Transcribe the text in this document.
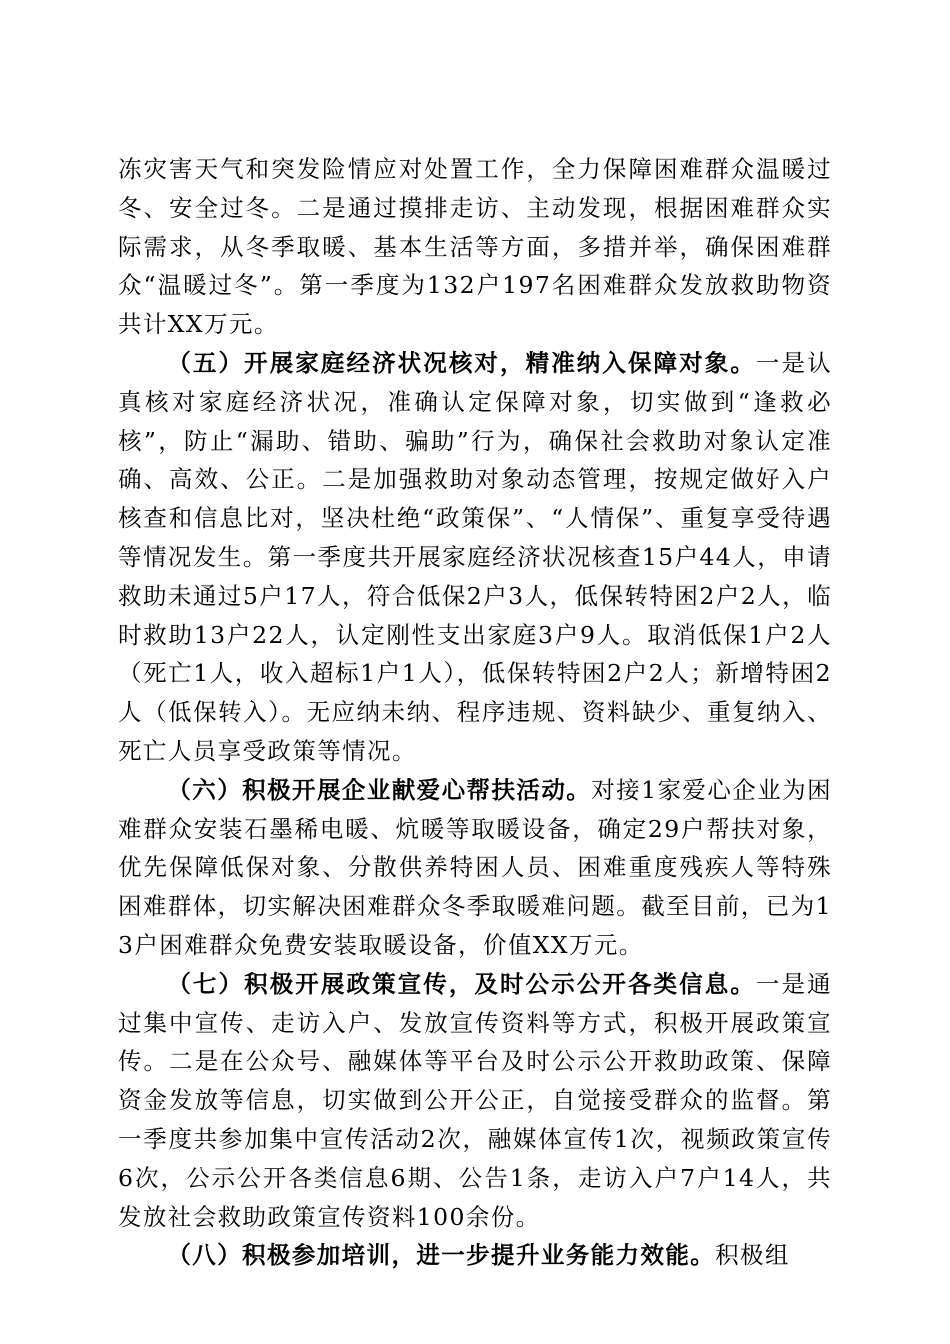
冻灾害天气和突发险情应对处置工作，全力保障困难群众温暖过冬、安全过冬。二是通过摸排走访、主动发现，根据困难群众实际需求，从冬季取暖、基本生活等方面，多措并举，确保困难群众“温暖过冬”。第一季度为132户197名困难群众发放救助物资共计XX万元。

（五）开展家庭经济状况核对，精准纳入保障对象。一是认真核对家庭经济状况，准确认定保障对象，切实做到“逢救必核”，防止“漏助、错助、骗助”行为，确保社会救助对象认定准确、高效、公正。二是加强救助对象动态管理，按规定做好入户核查和信息比对，坚决杜绝“政策保”、“人情保”、重复享受待遇等情况发生。第一季度共开展家庭经济状况核查15户44人，申请救助未通过5户17人，符合低保2户3人，低保转特困2户2人，临时救助13户22人，认定刚性支出家庭3户9人。取消低保1户2人（死亡1人，收入超标1户1人），低保转特困2户2人；新增特困2人（低保转入）。无应纳未纳、程序违规、资料缺少、重复纳入、死亡人员享受政策等情况。

（六）积极开展企业献爱心帮扶活动。对接1家爱心企业为困难群众安装石墨稀电暖、炕暖等取暖设备，确定29户帮扶对象，优先保障低保对象、分散供养特困人员、困难重度残疾人等特殊困难群体，切实解决困难群众冬季取暖难问题。截至目前，已为13户困难群众免费安装取暖设备，价值XX万元。

（七）积极开展政策宣传，及时公示公开各类信息。一是通过集中宣传、走访入户、发放宣传资料等方式，积极开展政策宣传。二是在公众号、融媒体等平台及时公示公开救助政策、保障资金发放等信息，切实做到公开公正，自觉接受群众的监督。第一季度共参加集中宣传活动2次，融媒体宣传1次，视频政策宣传6次，公示公开各类信息6期、公告1条，走访入户7户14人，共发放社会救助政策宣传资料100余份。

（八）积极参加培训，进一步提升业务能力效能。积极组
